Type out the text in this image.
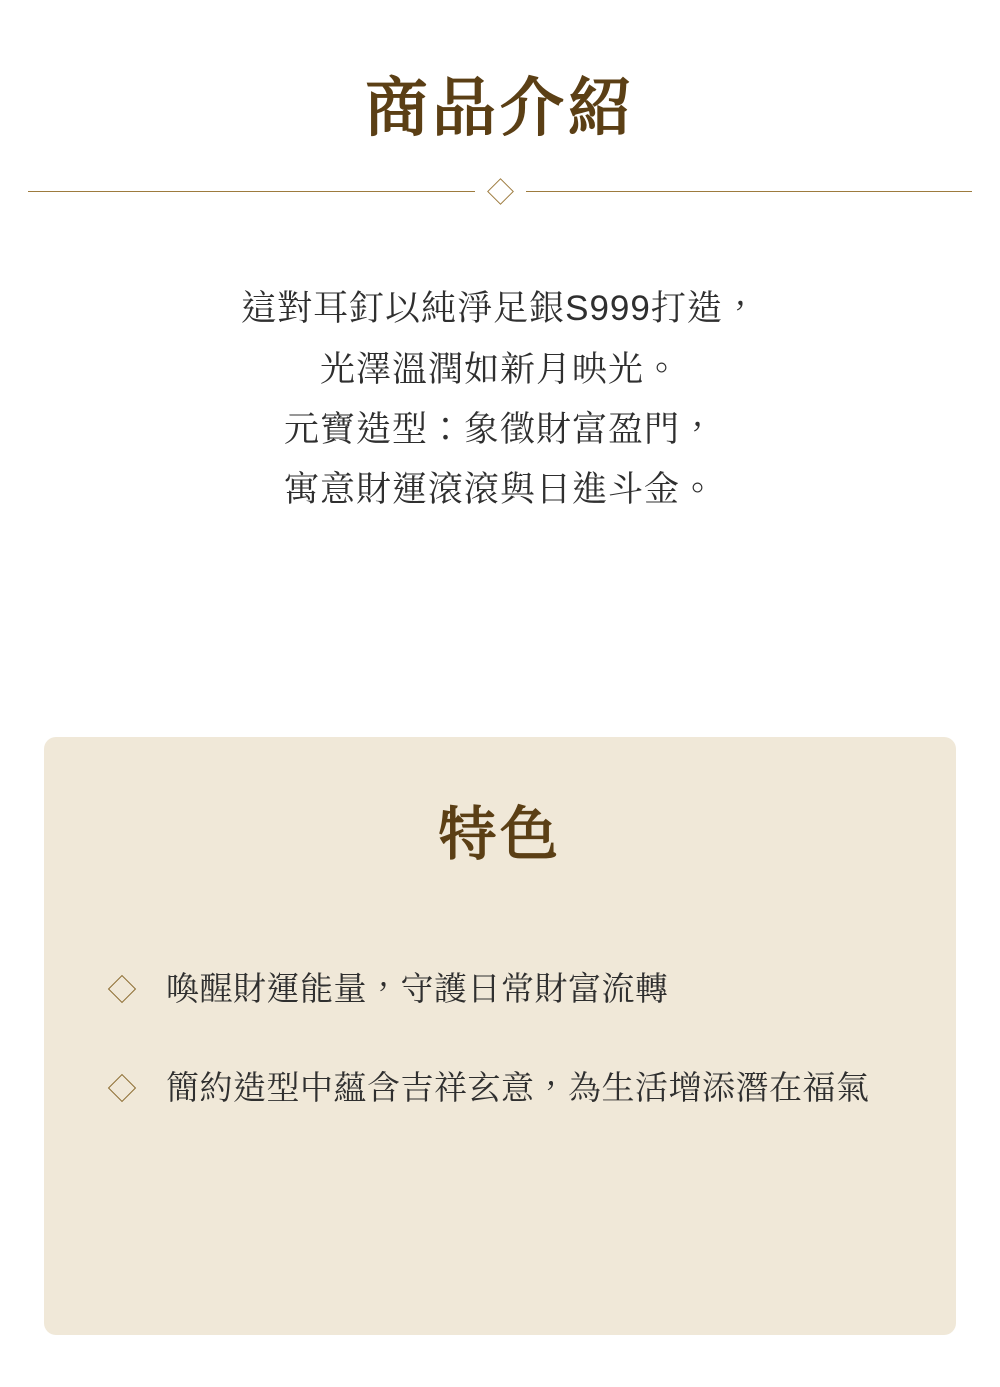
商品介紹
這對耳釘以純淨足銀S999打造，
光澤溫潤如新月映光。
元寶造型：象徵財富盈門，
寓意財運滾滾與日進斗金。
特色
喚醒財運能量，守護日常財富流轉
簡約造型中蘊含吉祥玄意，為生活增添潛在福氣
